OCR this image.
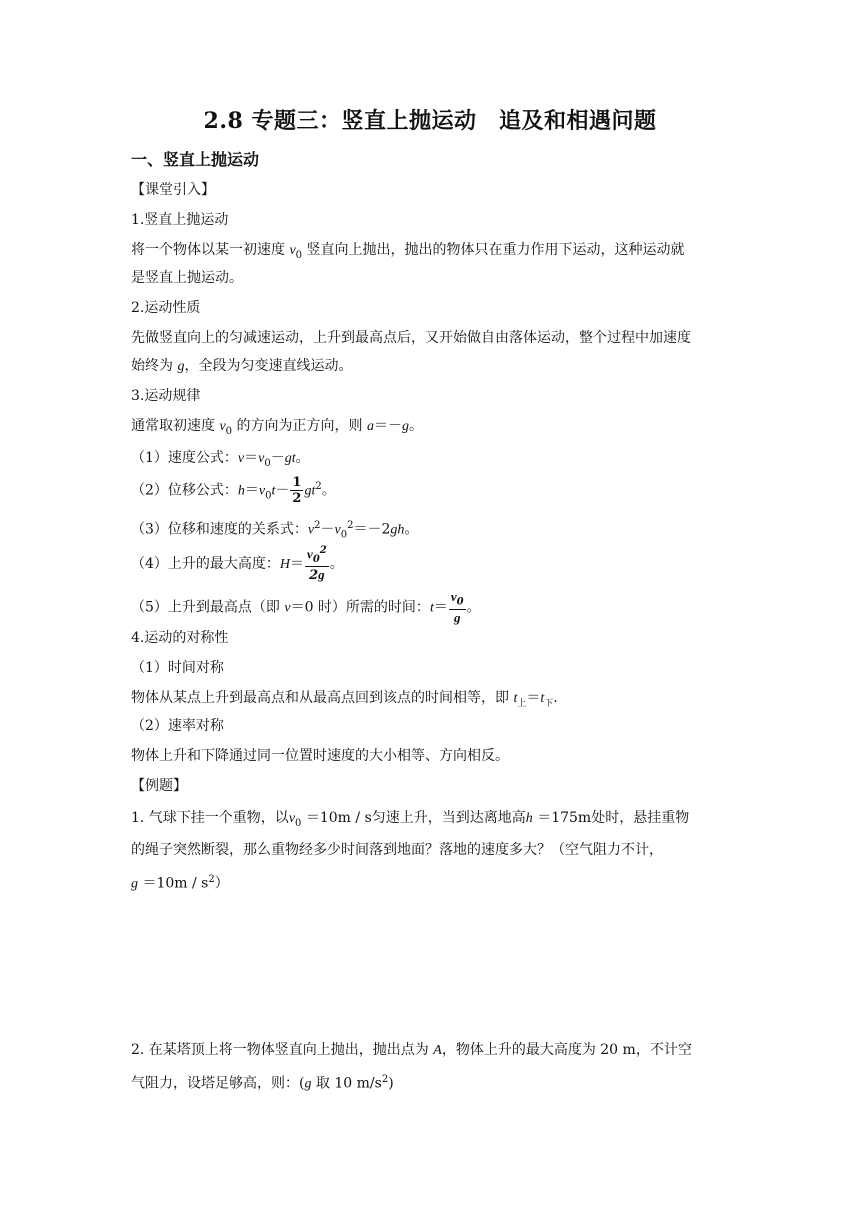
2.8 专题三：竖直上抛运动　追及和相遇问题
一、竖直上抛运动
【课堂引入】
1.竖直上抛运动
将一个物体以某一初速度 $v_0$ 竖直向上抛出，抛出的物体只在重力作用下运动，这种运动就
是竖直上抛运动。
2.运动性质
先做竖直向上的匀减速运动，上升到最高点后，又开始做自由落体运动，整个过程中加速度
始终为 g，全段为匀变速直线运动。
3.运动规律
通常取初速度 $v_0$ 的方向为正方向，则 a＝－g。
（1）速度公式：$v=v_0-gt$。
（2）位移公式：$h=v_0t- \frac{1}{2} gt^2$。
（3）位移和速度的关系式：$v^2-v_0^2=-2gh$。
（4）上升的最大高度：$H= \frac{v_0^2}{2g}$ 。
（5）上升到最高点（即 v＝0 时）所需的时间：$t= \frac{v_0}{g}$ 。
4.运动的对称性
（1）时间对称
物体从某点上升到最高点和从最高点回到该点的时间相等，即 $t_上=t_下$.
（2）速率对称
物体上升和下降通过同一位置时速度的大小相等、方向相反。
【例题】
1. 气球下挂一个重物，以$v_0 =10m / s$匀速上升，当到达离地高h ＝175m处时，悬挂重物
的绳子突然断裂，那么重物经多少时间落到地面？落地的速度多大？（空气阻力不计，
$g =10m / s^2$）
2. 在某塔顶上将一物体竖直向上抛出，抛出点为 A，物体上升的最大高度为 20 m，不计空
气阻力，设塔足够高，则：(g 取 10 $m/s^2$)
